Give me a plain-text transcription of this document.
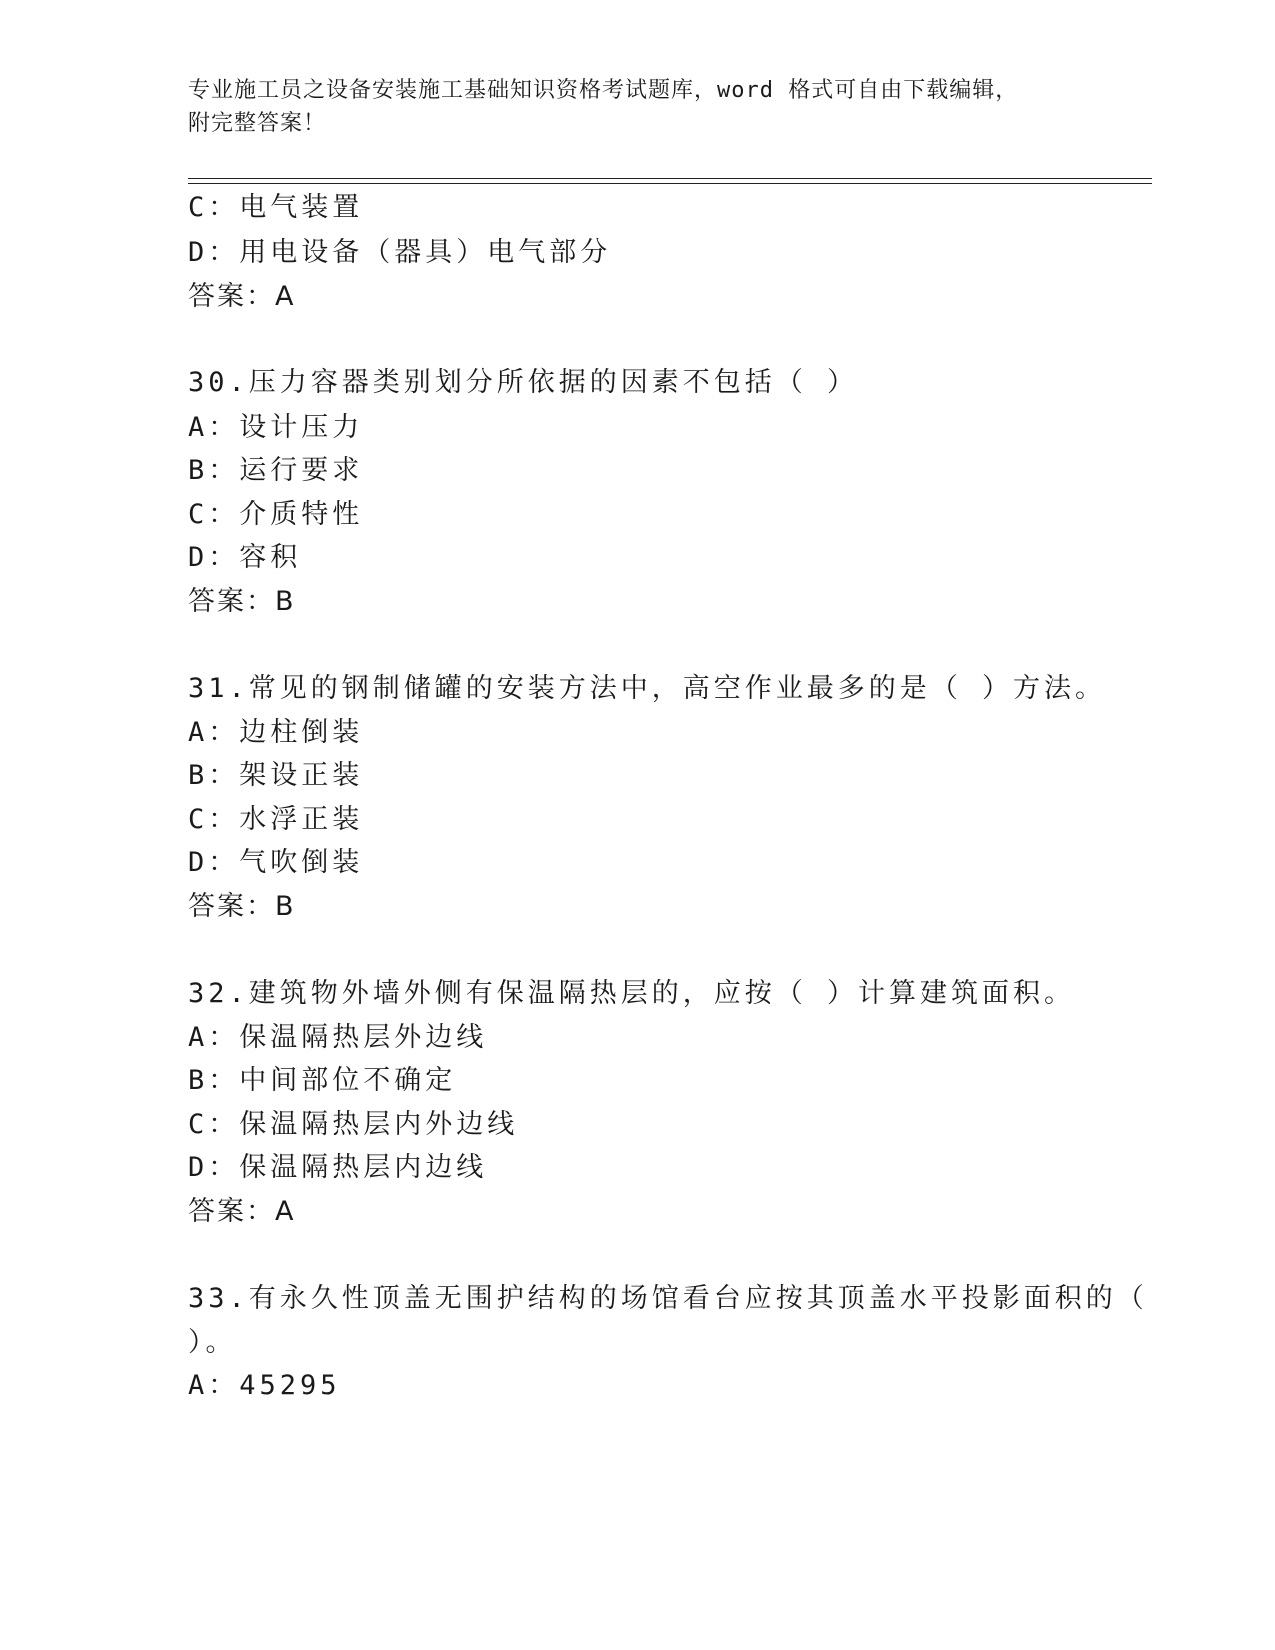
专业施工员之设备安装施工基础知识资格考试题库，word 格式可自由下载编辑，
附完整答案！
C：电气装置
D：用电设备（器具）电气部分
答案：A
30.压力容器类别划分所依据的因素不包括（ ）
A：设计压力
B：运行要求
C：介质特性
D：容积
答案：B
31.常见的钢制储罐的安装方法中，高空作业最多的是（ ）方法。
A：边柱倒装
B：架设正装
C：水浮正装
D：气吹倒装
答案：B
32.建筑物外墙外侧有保温隔热层的，应按（ ）计算建筑面积。
A：保温隔热层外边线
B：中间部位不确定
C：保温隔热层内外边线
D：保温隔热层内边线
答案：A
33.有永久性顶盖无围护结构的场馆看台应按其顶盖水平投影面积的（
）。
A：45295
